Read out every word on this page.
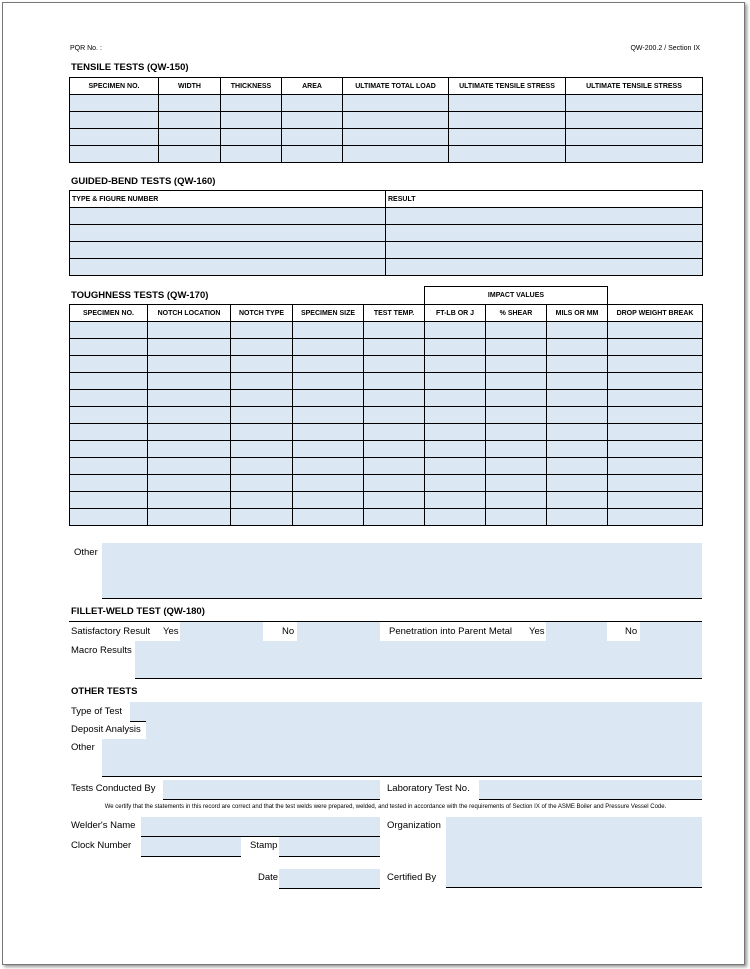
PQR No. :	QW-200.2 / Section IX
TENSILE TESTS (QW-150)
SPECIMEN NO.	WIDTH	THICKNESS	AREA	ULTIMATE TOTAL LOAD	ULTIMATE TENSILE STRESS	ULTIMATE TENSILE STRESS

GUIDED-BEND TESTS (QW-160)
TYPE & FIGURE NUMBER	RESULT

TOUGHNESS TESTS (QW-170)	IMPACT VALUES
SPECIMEN NO.	NOTCH LOCATION	NOTCH TYPE	SPECIMEN SIZE	TEST TEMP.	FT-LB OR J	% SHEAR	MILS OR MM	DROP WEIGHT BREAK

Other
FILLET-WELD TEST (QW-180)
Satisfactory Result Yes	No	Penetration into Parent Metal Yes	No
Macro Results
OTHER TESTS
Type of Test
Deposit Analysis
Other
Tests Conducted By	Laboratory Test No.
We certify that the statements in this record are correct and that the test welds were prepared, welded, and tested in accordance with the requirements of Section IX of the ASME Boiler and Pressure Vessel Code.
Welder's Name	Organization
Clock Number	Stamp
Date	Certified By
